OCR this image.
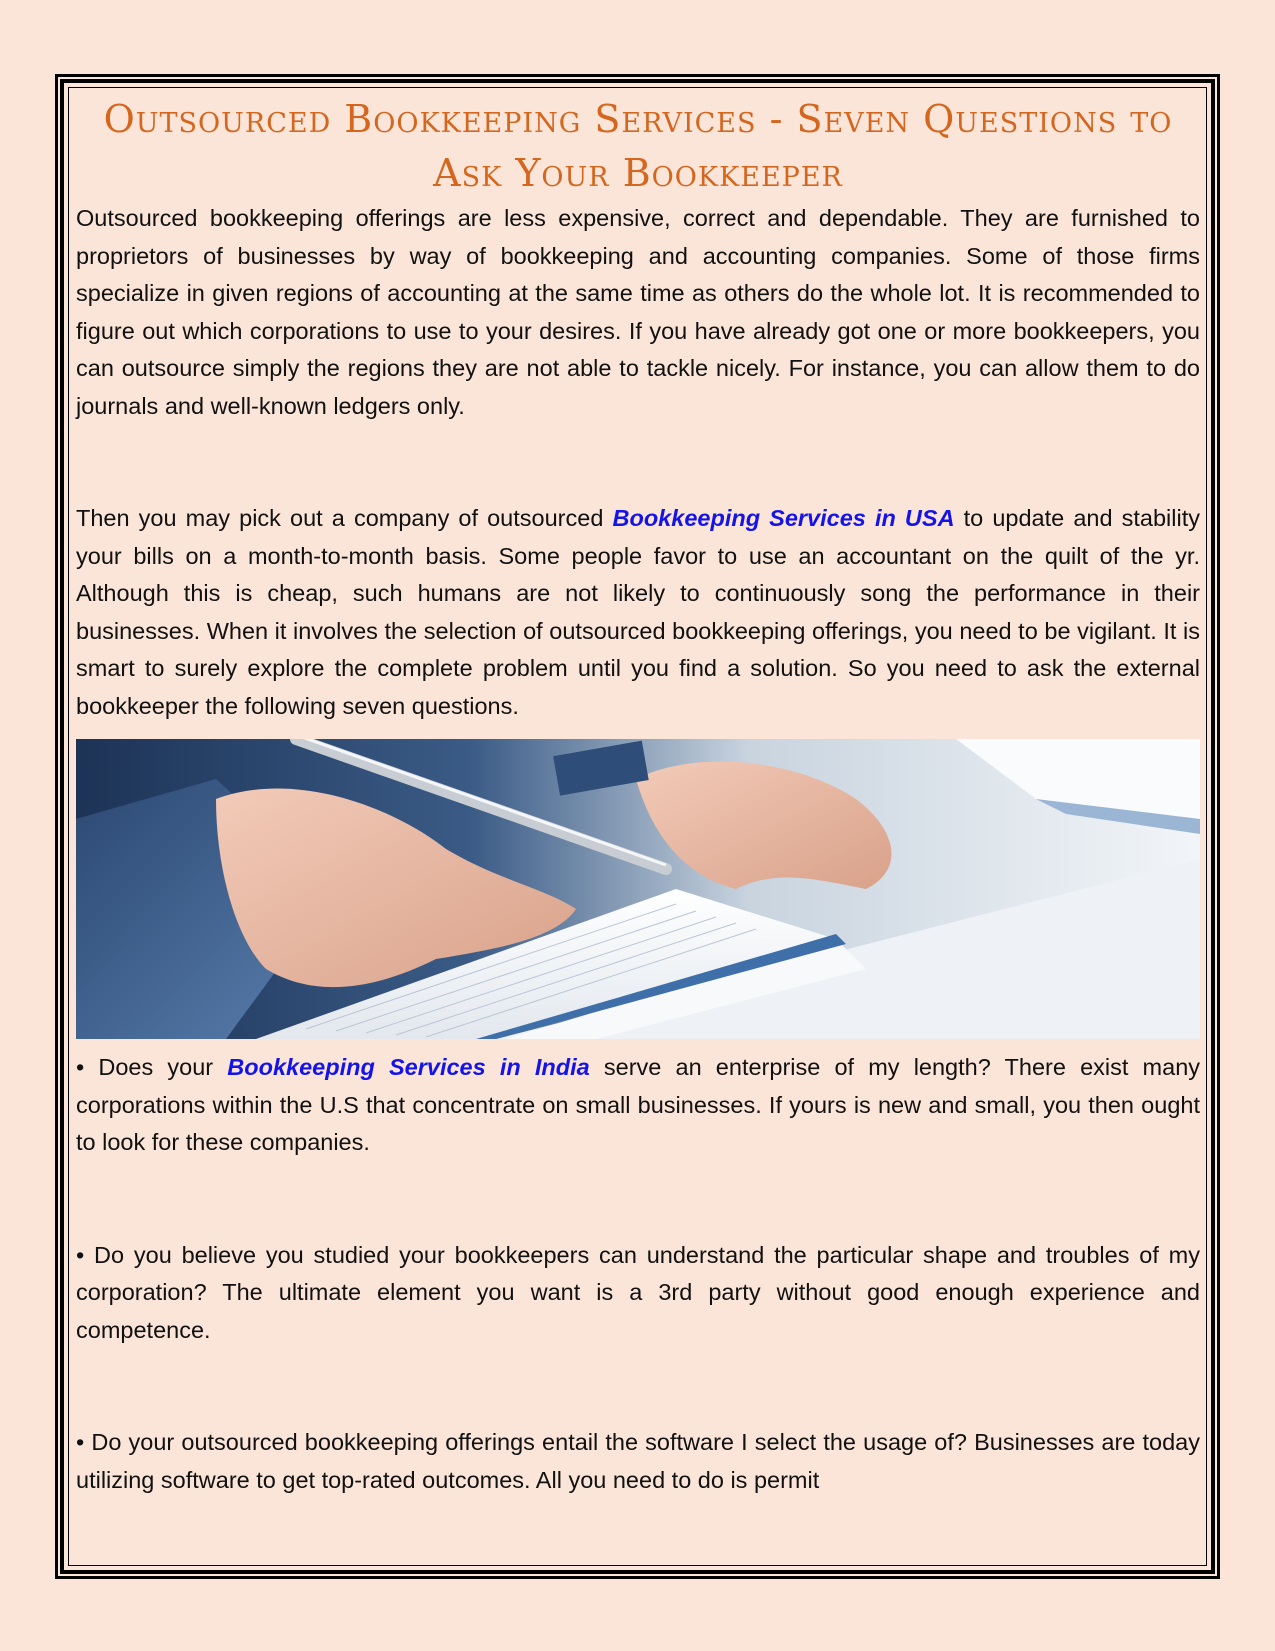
Outsourced Bookkeeping Services - Seven Questions to Ask Your Bookkeeper

Outsourced bookkeeping offerings are less expensive, correct and dependable. They are furnished to proprietors of businesses by way of bookkeeping and accounting companies. Some of those firms specialize in given regions of accounting at the same time as others do the whole lot. It is recommended to figure out which corporations to use to your desires. If you have already got one or more bookkeepers, you can outsource simply the regions they are not able to tackle nicely. For instance, you can allow them to do journals and well-known ledgers only.

Then you may pick out a company of outsourced Bookkeeping Services in USA to update and stability your bills on a month-to-month basis. Some people favor to use an accountant on the quilt of the yr. Although this is cheap, such humans are not likely to continuously song the performance in their businesses. When it involves the selection of outsourced bookkeeping offerings, you need to be vigilant. It is smart to surely explore the complete problem until you find a solution. So you need to ask the external bookkeeper the following seven questions.

• Does your Bookkeeping Services in India serve an enterprise of my length? There exist many corporations within the U.S that concentrate on small businesses. If yours is new and small, you then ought to look for these companies.

• Do you believe you studied your bookkeepers can understand the particular shape and troubles of my corporation? The ultimate element you want is a 3rd party without good enough experience and competence.

• Do your outsourced bookkeeping offerings entail the software I select the usage of? Businesses are today utilizing software to get top-rated outcomes. All you need to do is permit
